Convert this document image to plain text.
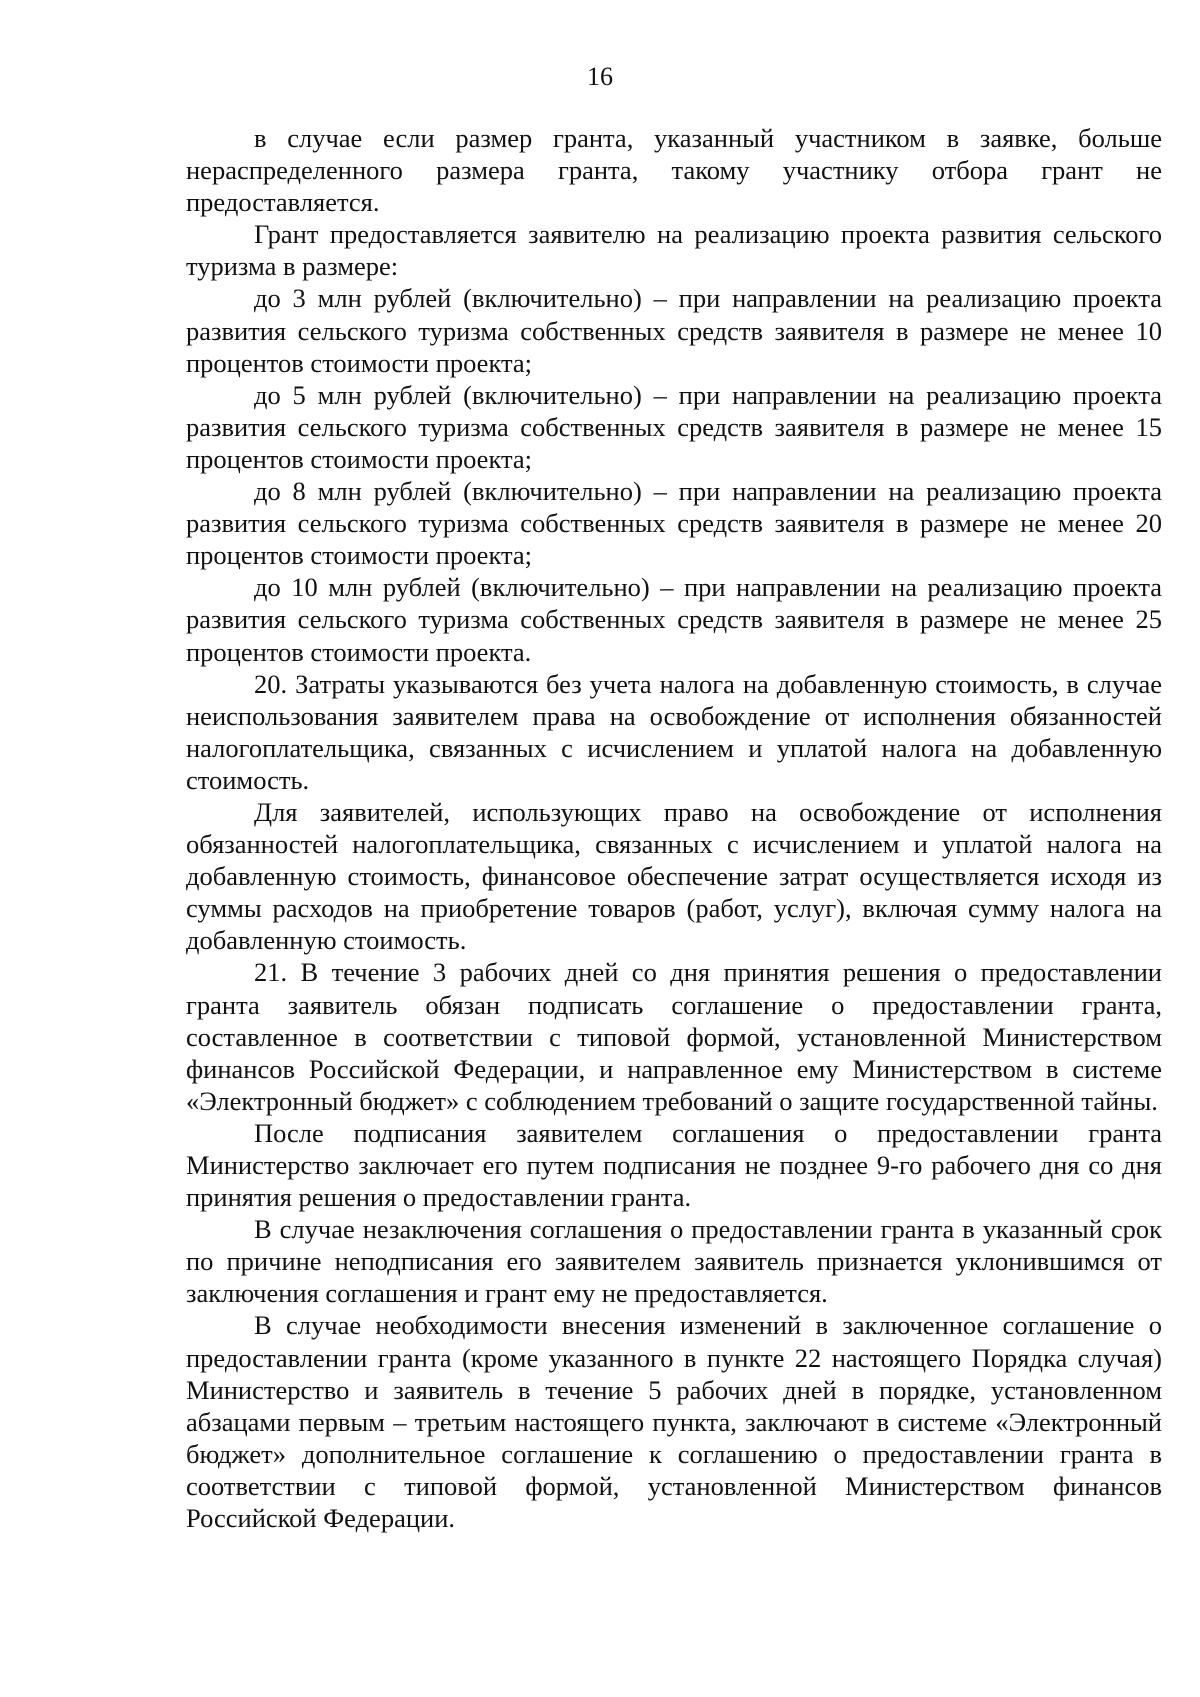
16

в случае если размер гранта, указанный участником в заявке, больше нераспределенного размера гранта, такому участнику отбора грант не предоставляется.

Грант предоставляется заявителю на реализацию проекта развития сельского туризма в размере:

до 3 млн рублей (включительно) – при направлении на реализацию проекта развития сельского туризма собственных средств заявителя в размере не менее 10 процентов стоимости проекта;

до 5 млн рублей (включительно) – при направлении на реализацию проекта развития сельского туризма собственных средств заявителя в размере не менее 15 процентов стоимости проекта;

до 8 млн рублей (включительно) – при направлении на реализацию проекта развития сельского туризма собственных средств заявителя в размере не менее 20 процентов стоимости проекта;

до 10 млн рублей (включительно) – при направлении на реализацию проекта развития сельского туризма собственных средств заявителя в размере не менее 25 процентов стоимости проекта.

20. Затраты указываются без учета налога на добавленную стоимость, в случае неиспользования заявителем права на освобождение от исполнения обязанностей налогоплательщика, связанных с исчислением и уплатой налога на добавленную стоимость.

Для заявителей, использующих право на освобождение от исполнения обязанностей налогоплательщика, связанных с исчислением и уплатой налога на добавленную стоимость, финансовое обеспечение затрат осуществляется исходя из суммы расходов на приобретение товаров (работ, услуг), включая сумму налога на добавленную стоимость.

21. В течение 3 рабочих дней со дня принятия решения о предоставлении гранта заявитель обязан подписать соглашение о предоставлении гранта, составленное в соответствии с типовой формой, установленной Министерством финансов Российской Федерации, и направленное ему Министерством в системе «Электронный бюджет» с соблюдением требований о защите государственной тайны.

После подписания заявителем соглашения о предоставлении гранта Министерство заключает его путем подписания не позднее 9-го рабочего дня со дня принятия решения о предоставлении гранта.

В случае незаключения соглашения о предоставлении гранта в указанный срок по причине неподписания его заявителем заявитель признается уклонившимся от заключения соглашения и грант ему не предоставляется.

В случае необходимости внесения изменений в заключенное соглашение о предоставлении гранта (кроме указанного в пункте 22 настоящего Порядка случая) Министерство и заявитель в течение 5 рабочих дней в порядке, установленном абзацами первым – третьим настоящего пункта, заключают в системе «Электронный бюджет» дополнительное соглашение к соглашению о предоставлении гранта в соответствии с типовой формой, установленной Министерством финансов Российской Федерации.
